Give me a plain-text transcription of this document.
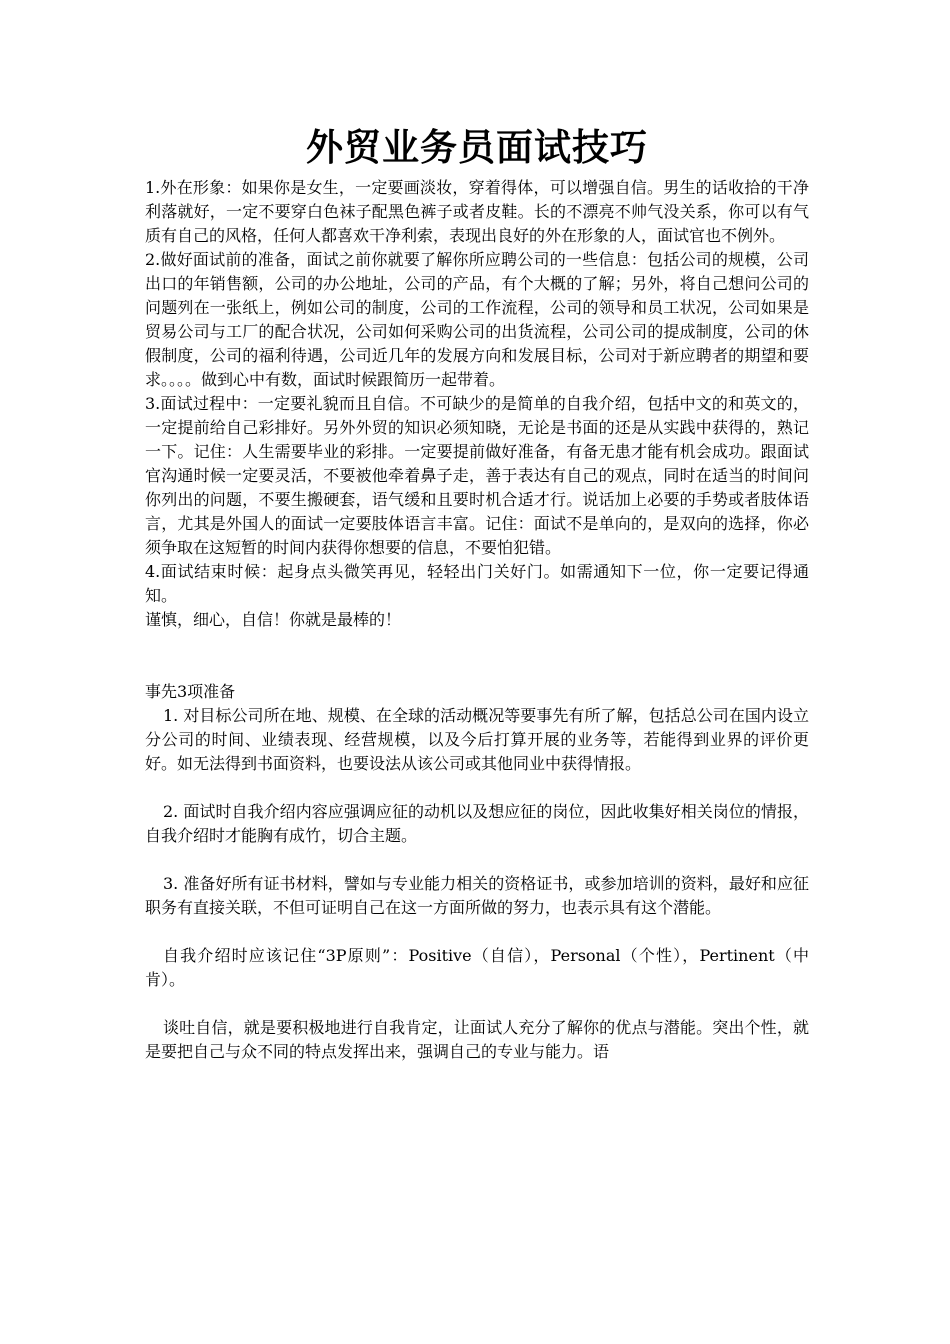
外贸业务员面试技巧

1.外在形象：如果你是女生，一定要画淡妆，穿着得体，可以增强自信。男生的话收拾的干净利落就好，一定不要穿白色袜子配黑色裤子或者皮鞋。长的不漂亮不帅气没关系，你可以有气质有自己的风格，任何人都喜欢干净利索，表现出良好的外在形象的人，面试官也不例外。

2.做好面试前的准备，面试之前你就要了解你所应聘公司的一些信息：包括公司的规模，公司出口的年销售额，公司的办公地址，公司的产品，有个大概的了解；另外，将自己想问公司的问题列在一张纸上，例如公司的制度，公司的工作流程，公司的领导和员工状况，公司如果是贸易公司与工厂的配合状况，公司如何采购公司的出货流程，公司公司的提成制度，公司的休假制度，公司的福利待遇，公司近几年的发展方向和发展目标，公司对于新应聘者的期望和要求。。。。做到心中有数，面试时候跟简历一起带着。

3.面试过程中：一定要礼貌而且自信。不可缺少的是简单的自我介绍，包括中文的和英文的，一定提前给自己彩排好。另外外贸的知识必须知晓，无论是书面的还是从实践中获得的，熟记一下。记住：人生需要毕业的彩排。一定要提前做好准备，有备无患才能有机会成功。跟面试官沟通时候一定要灵活，不要被他牵着鼻子走，善于表达有自己的观点，同时在适当的时间问你列出的问题，不要生搬硬套，语气缓和且要时机合适才行。说话加上必要的手势或者肢体语言，尤其是外国人的面试一定要肢体语言丰富。记住：面试不是单向的，是双向的选择，你必须争取在这短暂的时间内获得你想要的信息，不要怕犯错。

4.面试结束时候：起身点头微笑再见，轻轻出门关好门。如需通知下一位，你一定要记得通知。

谨慎，细心，自信！你就是最棒的！

事先3项准备

1. 对目标公司所在地、规模、在全球的活动概况等要事先有所了解，包括总公司在国内设立分公司的时间、业绩表现、经营规模，以及今后打算开展的业务等，若能得到业界的评价更好。如无法得到书面资料，也要设法从该公司或其他同业中获得情报。

2. 面试时自我介绍内容应强调应征的动机以及想应征的岗位，因此收集好相关岗位的情报，自我介绍时才能胸有成竹，切合主题。

3. 准备好所有证书材料，譬如与专业能力相关的资格证书，或参加培训的资料，最好和应征职务有直接关联，不但可证明自己在这一方面所做的努力，也表示具有这个潜能。

自我介绍时应该记住“3P原则”：Positive（自信），Personal（个性），Pertinent（中肯）。

谈吐自信，就是要积极地进行自我肯定，让面试人充分了解你的优点与潜能。突出个性，就是要把自己与众不同的特点发挥出来，强调自己的专业与能力。语
